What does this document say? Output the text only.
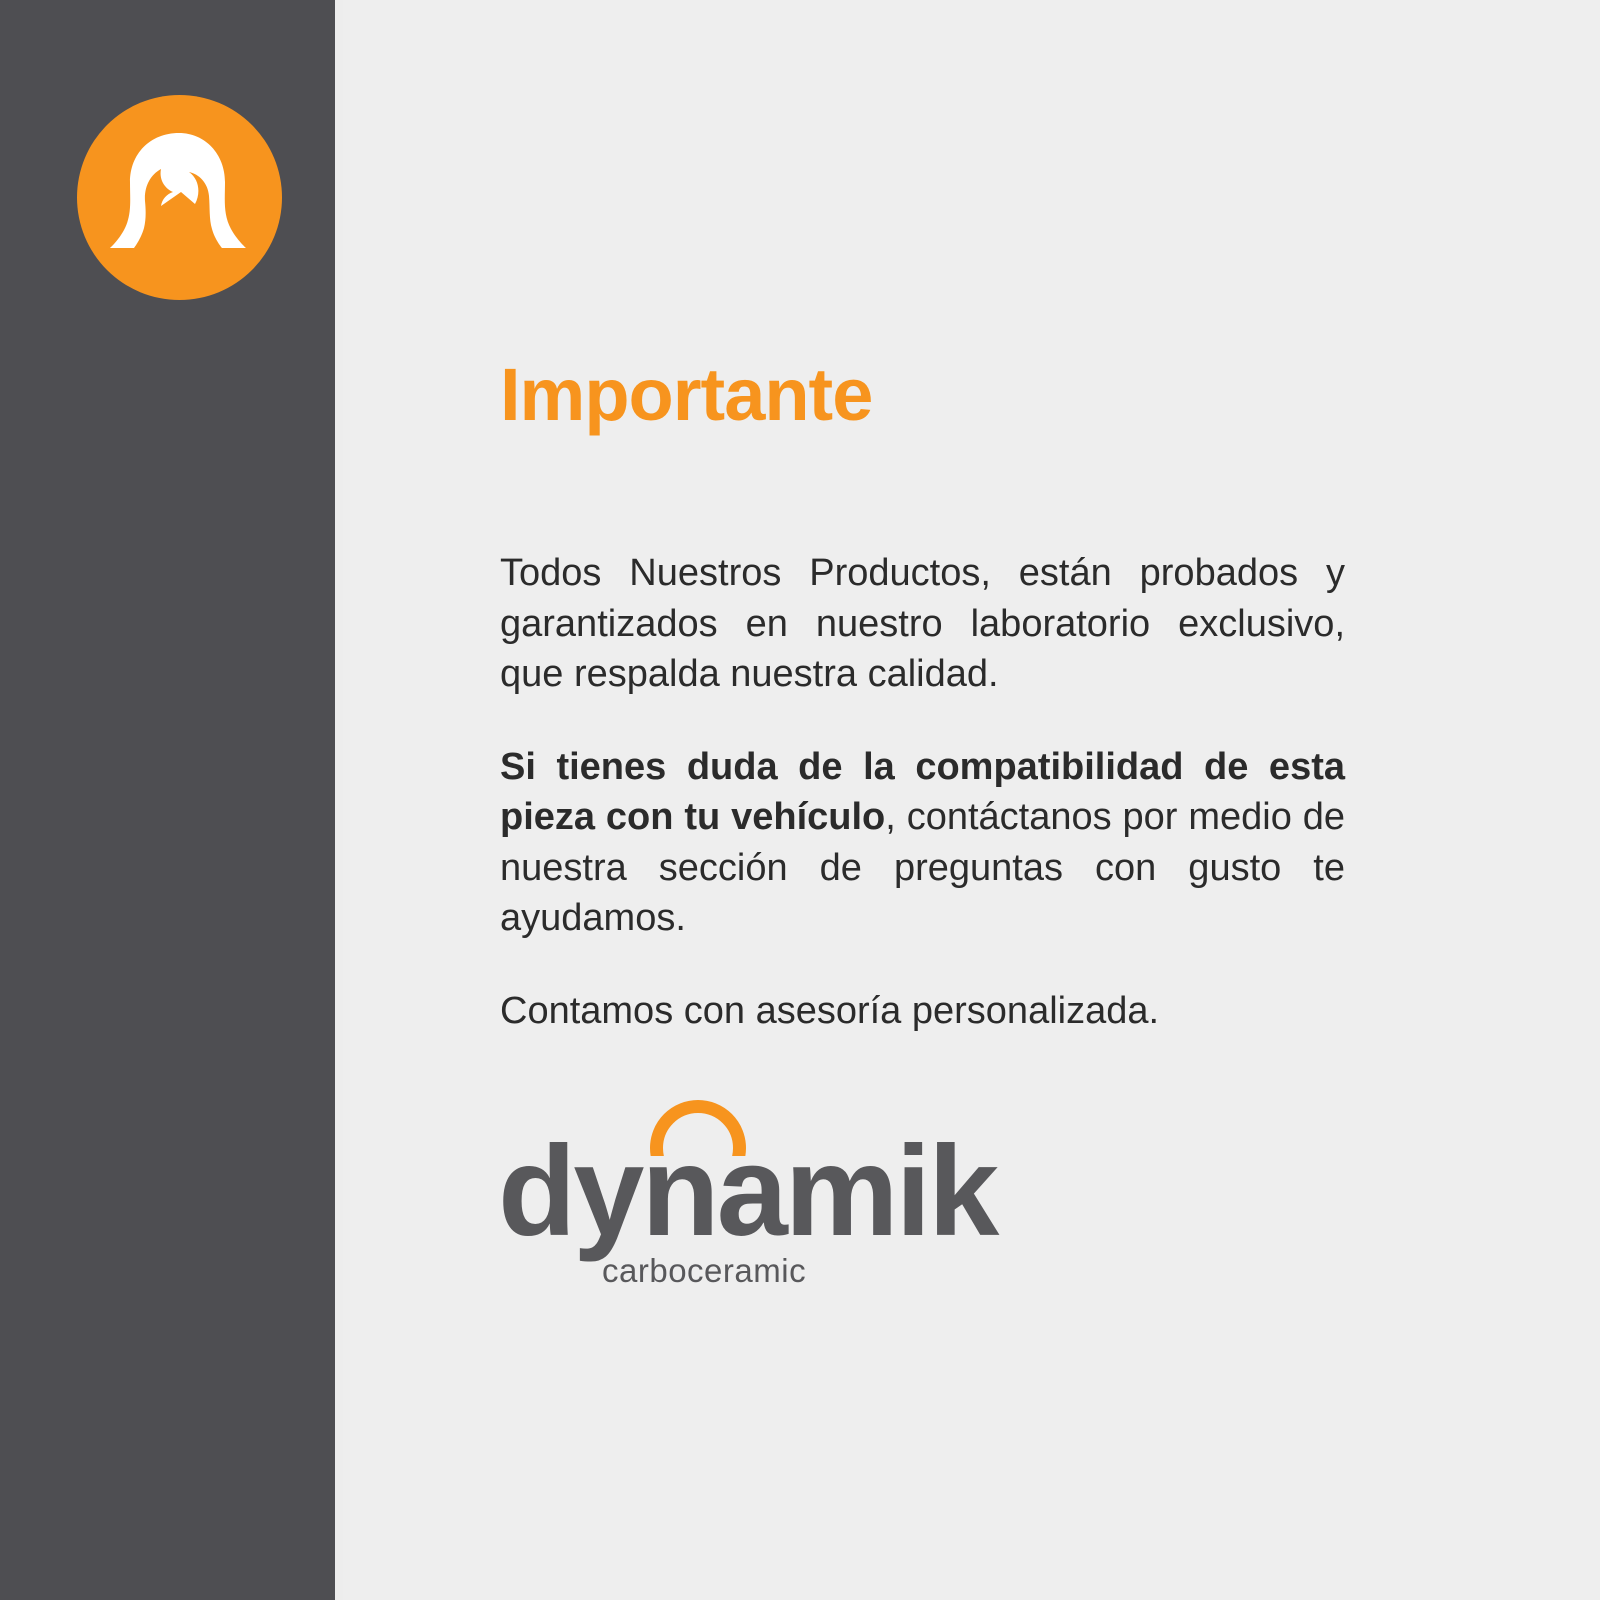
Importante

Todos Nuestros Productos, están probados y garantizados en nuestro laboratorio exclusivo, que respalda nuestra calidad.

Si tienes duda de la compatibilidad de esta pieza con tu vehículo, contáctanos por medio de nuestra sección de preguntas con gusto te ayudamos.

Contamos con asesoría personalizada.

dynamik
carboceramic
